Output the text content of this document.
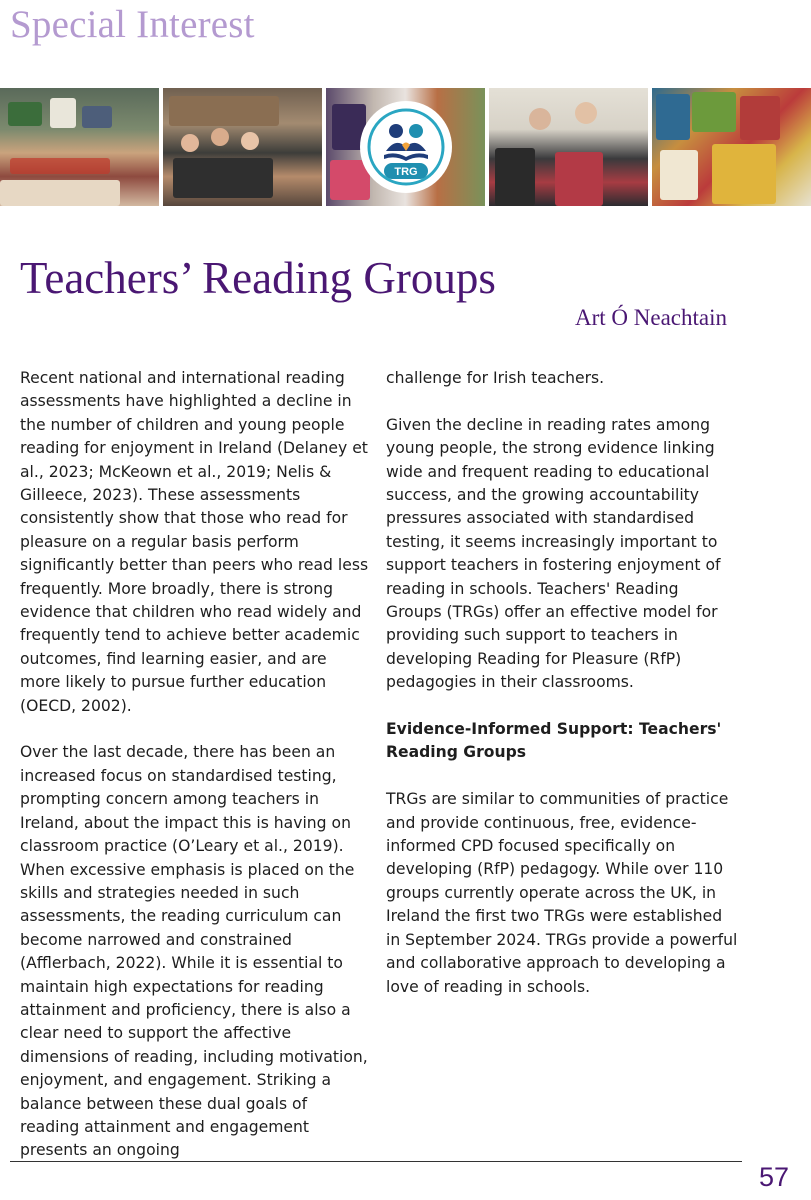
Special Interest
TRG
Teachers’ Reading Groups
Art Ó Neachtain

Recent national and international reading assessments have highlighted a decline in the number of children and young people reading for enjoyment in Ireland (Delaney et al., 2023; McKeown et al., 2019; Nelis & Gilleece, 2023). These assessments consistently show that those who read for pleasure on a regular basis perform significantly better than peers who read less frequently. More broadly, there is strong evidence that children who read widely and frequently tend to achieve better academic outcomes, find learning easier, and are more likely to pursue further education (OECD, 2002).

Over the last decade, there has been an increased focus on standardised testing, prompting concern among teachers in Ireland, about the impact this is having on classroom practice (O’Leary et al., 2019). When excessive emphasis is placed on the skills and strategies needed in such assessments, the reading curriculum can become narrowed and constrained (Afflerbach, 2022). While it is essential to maintain high expectations for reading attainment and proficiency, there is also a clear need to support the affective dimensions of reading, including motivation, enjoyment, and engagement. Striking a balance between these dual goals of reading attainment and engagement presents an ongoing

challenge for Irish teachers.

Given the decline in reading rates among young people, the strong evidence linking wide and frequent reading to educational success, and the growing accountability pressures associated with standardised testing, it seems increasingly important to support teachers in fostering enjoyment of reading in schools. Teachers' Reading Groups (TRGs) offer an effective model for providing such support to teachers in developing Reading for Pleasure (RfP) pedagogies in their classrooms.

Evidence-Informed Support: Teachers' Reading Groups

TRGs are similar to communities of practice and provide continuous, free, evidence-informed CPD focused specifically on developing (RfP) pedagogy. While over 110 groups currently operate across the UK, in Ireland the first two TRGs were established in September 2024. TRGs provide a powerful and collaborative approach to developing a love of reading in schools.

57
